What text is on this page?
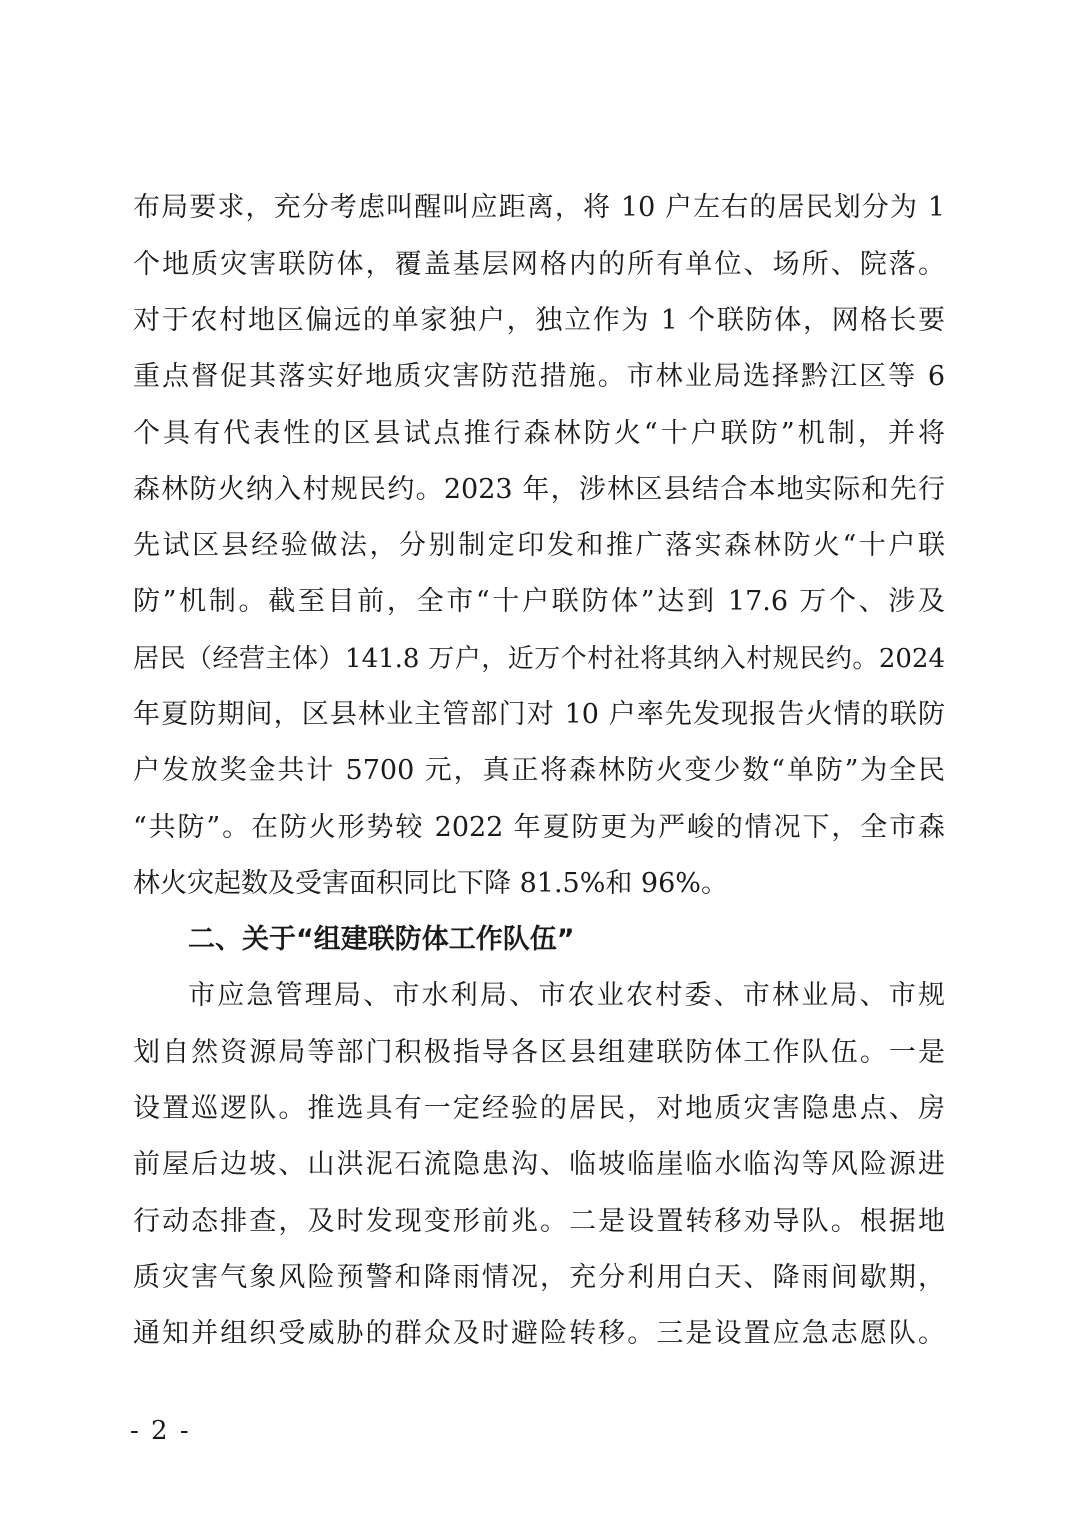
布局要求，充分考虑叫醒叫应距离，将 10 户左右的居民划分为 1
个地质灾害联防体，覆盖基层网格内的所有单位、场所、院落。
对于农村地区偏远的单家独户，独立作为 1 个联防体，网格长要
重点督促其落实好地质灾害防范措施。市林业局选择黔江区等 6
个具有代表性的区县试点推行森林防火“十户联防”机制，并将
森林防火纳入村规民约。2023 年，涉林区县结合本地实际和先行
先试区县经验做法，分别制定印发和推广落实森林防火“十户联
防”机制。截至目前，全市“十户联防体”达到 17.6 万个、涉及
居民（经营主体）141.8 万户，近万个村社将其纳入村规民约。2024
年夏防期间，区县林业主管部门对 10 户率先发现报告火情的联防
户发放奖金共计 5700 元，真正将森林防火变少数“单防”为全民
“共防”。在防火形势较 2022 年夏防更为严峻的情况下，全市森
林火灾起数及受害面积同比下降 81.5%和 96%。
二、关于“组建联防体工作队伍”
市应急管理局、市水利局、市农业农村委、市林业局、市规
划自然资源局等部门积极指导各区县组建联防体工作队伍。一是
设置巡逻队。推选具有一定经验的居民，对地质灾害隐患点、房
前屋后边坡、山洪泥石流隐患沟、临坡临崖临水临沟等风险源进
行动态排查，及时发现变形前兆。二是设置转移劝导队。根据地
质灾害气象风险预警和降雨情况，充分利用白天、降雨间歇期，
通知并组织受威胁的群众及时避险转移。三是设置应急志愿队。
- 2 -
